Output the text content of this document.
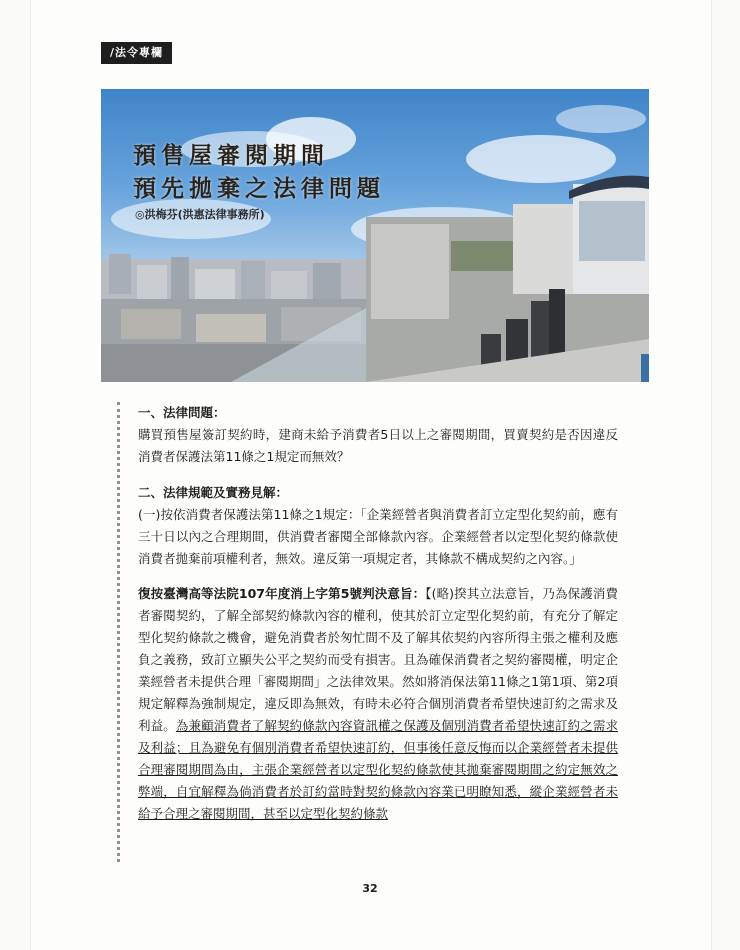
/法令專欄
預售屋審閱期間
預先拋棄之法律問題
◎洪梅芬(洪惠法律事務所)

一、法律問題：

購買預售屋簽訂契約時，建商未給予消費者5日以上之審閱期間，買賣契約是否因違反消費者保護法第11條之1規定而無效？

二、法律規範及實務見解：

(一)按依消費者保護法第11條之1規定：「企業經營者與消費者訂立定型化契約前，應有三十日以內之合理期間，供消費者審閱全部條款內容。企業經營者以定型化契約條款使消費者拋棄前項權利者，無效。違反第一項規定者，其條款不構成契約之內容。」

復按臺灣高等法院107年度消上字第5號判決意旨：【(略)揆其立法意旨，乃為保護消費者審閱契約，了解全部契約條款內容的權利，使其於訂立定型化契約前，有充分了解定型化契約條款之機會，避免消費者於匆忙間不及了解其依契約內容所得主張之權利及應負之義務，致訂立顯失公平之契約而受有損害。且為確保消費者之契約審閱權，明定企業經營者未提供合理「審閱期間」之法律效果。然如將消保法第11條之1第1項、第2項規定解釋為強制規定，違反即為無效，有時未必符合個別消費者希望快速訂約之需求及利益。為兼顧消費者了解契約條款內容資訊權之保護及個別消費者希望快速訂約之需求及利益；且為避免有個別消費者希望快速訂約，但事後任意反悔而以企業經營者未提供合理審閱期間為由，主張企業經營者以定型化契約條款使其拋棄審閱期間之約定無效之弊端，自宜解釋為倘消費者於訂約當時對契約條款內容業已明瞭知悉，縱企業經營者未給予合理之審閱期間，甚至以定型化契約條款

32
